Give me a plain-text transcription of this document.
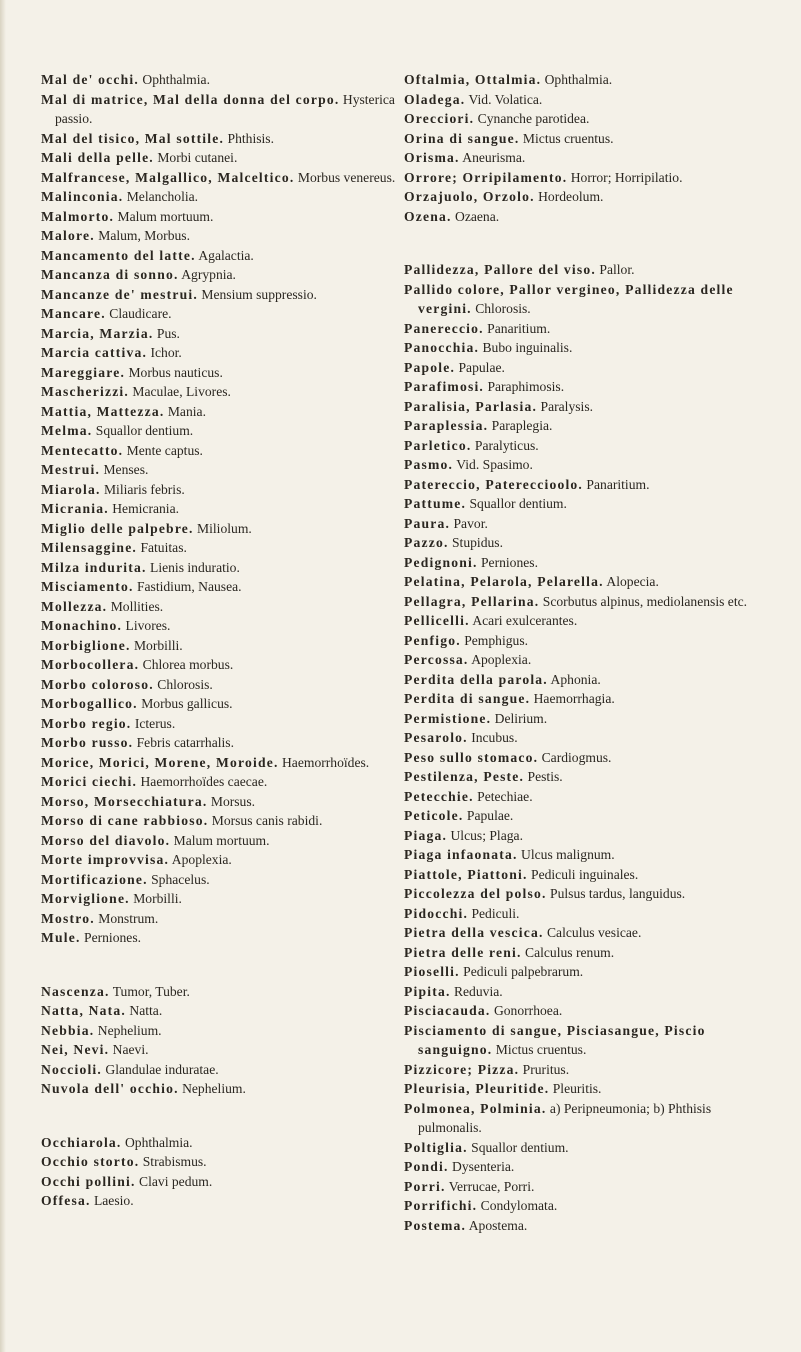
Mal de' occhi. Ophthalmia.
Mal di matrice, Mal della donna del corpo. Hysterica passio.
Mal del tisico, Mal sottile. Phthisis.
Mali della pelle. Morbi cutanei.
Malfrancese, Malgallico, Malceltico. Morbus venereus.
Malinconia. Melancholia.
Malmorto. Malum mortuum.
Malore. Malum, Morbus.
Mancamento del latte. Agalactia.
Mancanza di sonno. Agrypnia.
Mancanze de' mestrui. Mensium suppressio.
Mancare. Claudicare.
Marcia, Marzia. Pus.
Marcia cattiva. Ichor.
Mareggiare. Morbus nauticus.
Mascherizzi. Maculae, Livores.
Mattia, Mattezza. Mania.
Melma. Squallor dentium.
Mentecatto. Mente captus.
Mestrui. Menses.
Miarola. Miliaris febris.
Micrania. Hemicrania.
Miglio delle palpebre. Miliolum.
Milensaggine. Fatuitas.
Milza indurita. Lienis induratio.
Misciamento. Fastidium, Nausea.
Mollezza. Mollities.
Monachino. Livores.
Morbiglione. Morbilli.
Morbocollera. Chlorea morbus.
Morbo coloroso. Chlorosis.
Morbogallico. Morbus gallicus.
Morbo regio. Icterus.
Morbo russo. Febris catarrhalis.
Morice, Morici, Morene, Moroide. Haemorrhoïdes.
Morici ciechi. Haemorrhoïdes caecae.
Morso, Morsecchiatura. Morsus.
Morso di cane rabbioso. Morsus canis rabidi.
Morso del diavolo. Malum mortuum.
Morte improvvisa. Apoplexia.
Mortificazione. Sphacelus.
Morviglione. Morbilli.
Mostro. Monstrum.
Mule. Perniones.
Nascenza. Tumor, Tuber.
Natta, Nata. Natta.
Nebbia. Nephelium.
Nei, Nevi. Naevi.
Noccioli. Glandulae induratae.
Nuvola dell' occhio. Nephelium.
Occhiarola. Ophthalmia.
Occhio storto. Strabismus.
Occhi pollini. Clavi pedum.
Offesa. Laesio.
Oftalmia, Ottalmia. Ophthalmia.
Oladega. Vid. Volatica.
Orecciori. Cynanche parotidea.
Orina di sangue. Mictus cruentus.
Orisma. Aneurisma.
Orrore; Orripilamento. Horror; Horripilatio.
Orzajuolo, Orzolo. Hordeolum.
Ozena. Ozaena.
Pallidezza, Pallore del viso. Pallor.
Pallido colore, Pallor vergineo, Pallidezza delle vergini. Chlorosis.
Panereccio. Panaritium.
Panocchia. Bubo inguinalis.
Papole. Papulae.
Parafimosi. Paraphimosis.
Paralisia, Parlasia. Paralysis.
Paraplessia. Paraplegia.
Parletico. Paralyticus.
Pasmo. Vid. Spasimo.
Patereccio, Patereccioolo. Panaritium.
Pattume. Squallor dentium.
Paura. Pavor.
Pazzo. Stupidus.
Pedignoni. Perniones.
Pelatina, Pelarola, Pelarella. Alopecia.
Pellagra, Pellarina. Scorbutus alpinus, mediolanensis etc.
Pellicelli. Acari exulcerantes.
Penfigo. Pemphigus.
Percossa. Apoplexia.
Perdita della parola. Aphonia.
Perdita di sangue. Haemorrhagia.
Permistione. Delirium.
Pesarolo. Incubus.
Peso sullo stomaco. Cardiogmus.
Pestilenza, Peste. Pestis.
Petecchie. Petechiae.
Peticole. Papulae.
Piaga. Ulcus; Plaga.
Piaga infaonata. Ulcus malignum.
Piattole, Piattoni. Pediculi inguinales.
Piccolezza del polso. Pulsus tardus, languidus.
Pidocchi. Pediculi.
Pietra della vescica. Calculus vesicae.
Pietra delle reni. Calculus renum.
Pioselli. Pediculi palpebrarum.
Pipita. Reduvia.
Pisciacauda. Gonorrhoea.
Pisciamento di sangue, Pisciasangue, Piscio sanguigno. Mictus cruentus.
Pizzicore; Pizza. Pruritus.
Pleurisia, Pleuritide. Pleuritis.
Polmonea, Polminia. a) Peripneumonia; b) Phthisis pulmonalis.
Poltiglia. Squallor dentium.
Pondi. Dysenteria.
Porri. Verrucae, Porri.
Porrifichi. Condylomata.
Postema. Apostema.
